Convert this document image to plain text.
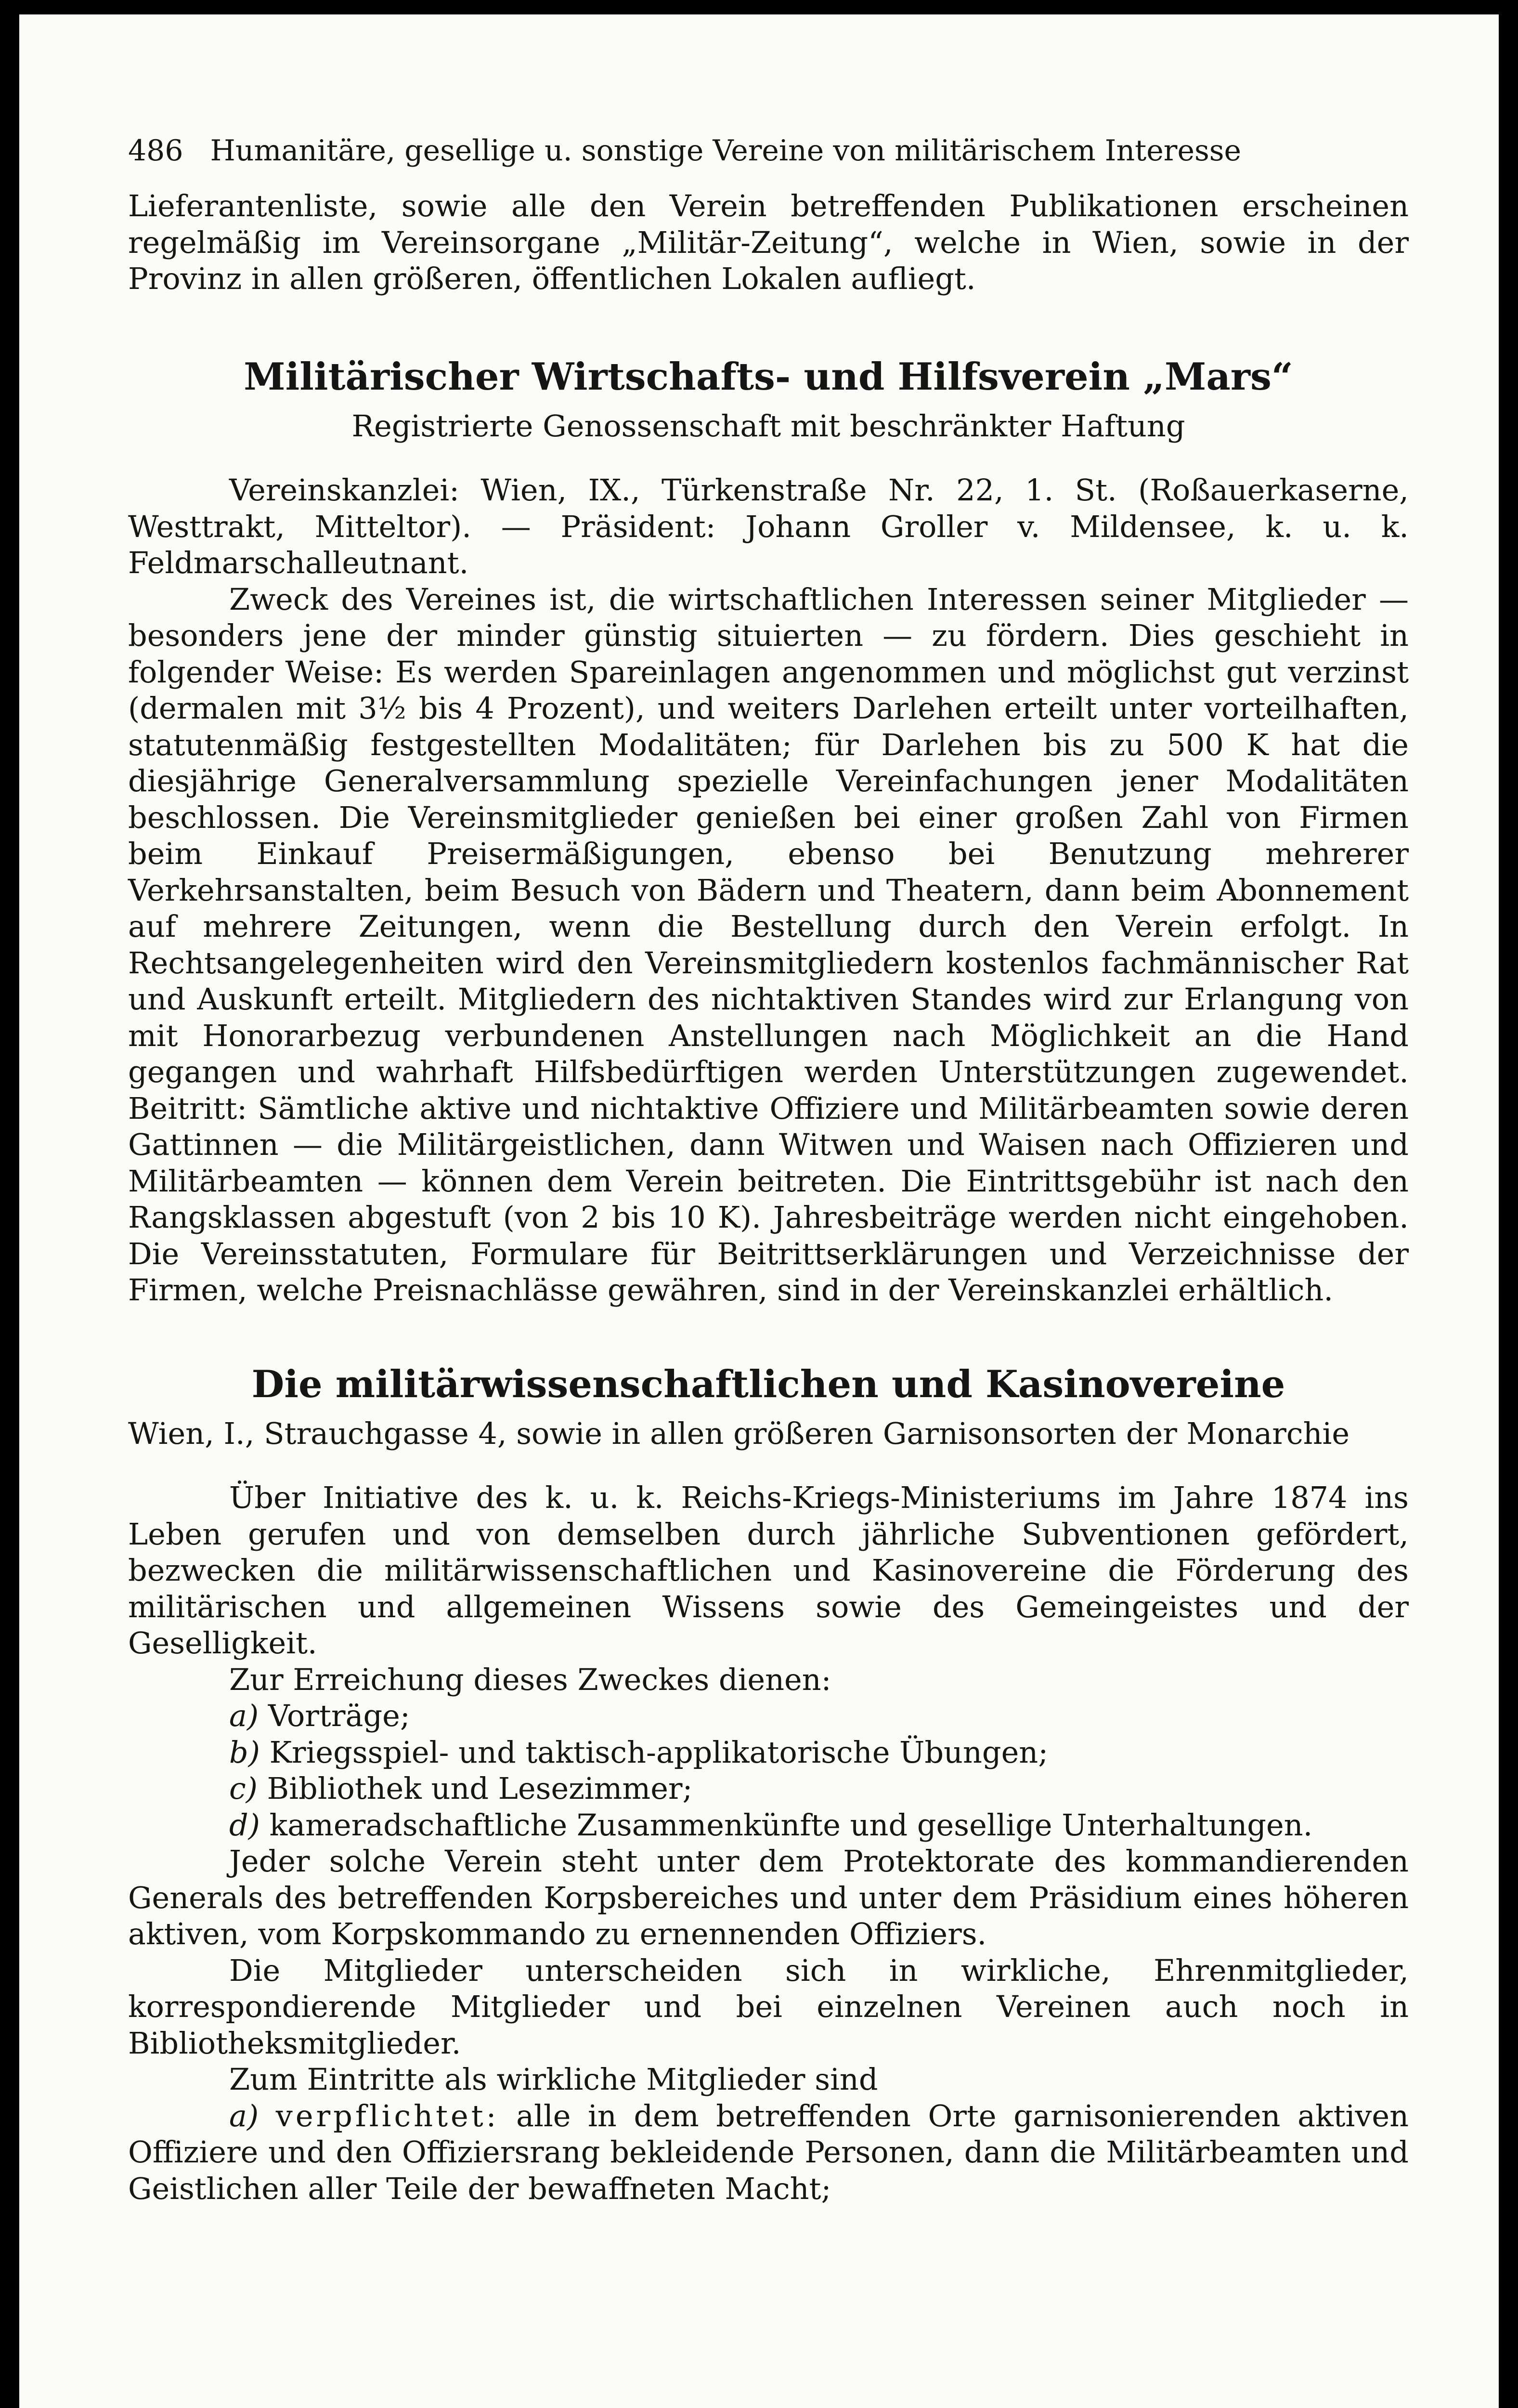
486 Humanitäre, gesellige u. sonstige Vereine von militärischem Interesse

Lieferantenliste, sowie alle den Verein betreffenden Publikationen erscheinen regelmäßig im Vereinsorgane „Militär-Zeitung“, welche in Wien, sowie in der Provinz in allen größeren, öffentlichen Lokalen aufliegt.

Militärischer Wirtschafts- und Hilfsverein „Mars“
Registrierte Genossenschaft mit beschränkter Haftung

Vereinskanzlei: Wien, IX., Türkenstraße Nr. 22, 1. St. (Roßauerkaserne, Westtrakt, Mitteltor). — Präsident: Johann Groller v. Mildensee, k. u. k. Feldmarschalleutnant.

Zweck des Vereines ist, die wirtschaftlichen Interessen seiner Mitglieder — besonders jene der minder günstig situierten — zu fördern. Dies geschieht in folgender Weise: Es werden Spareinlagen angenommen und möglichst gut verzinst (dermalen mit 3½ bis 4 Prozent), und weiters Darlehen erteilt unter vorteilhaften, statutenmäßig festgestellten Modalitäten; für Darlehen bis zu 500 K hat die diesjährige Generalversammlung spezielle Vereinfachungen jener Modalitäten beschlossen. Die Vereinsmitglieder genießen bei einer großen Zahl von Firmen beim Einkauf Preisermäßigungen, ebenso bei Benutzung mehrerer Verkehrsanstalten, beim Besuch von Bädern und Theatern, dann beim Abonnement auf mehrere Zeitungen, wenn die Bestellung durch den Verein erfolgt. In Rechtsangelegenheiten wird den Vereinsmitgliedern kostenlos fachmännischer Rat und Auskunft erteilt. Mitgliedern des nichtaktiven Standes wird zur Erlangung von mit Honorarbezug verbundenen Anstellungen nach Möglichkeit an die Hand gegangen und wahrhaft Hilfsbedürftigen werden Unterstützungen zugewendet. Beitritt: Sämtliche aktive und nichtaktive Offiziere und Militärbeamten sowie deren Gattinnen — die Militärgeistlichen, dann Witwen und Waisen nach Offizieren und Militärbeamten — können dem Verein beitreten. Die Eintrittsgebühr ist nach den Rangsklassen abgestuft (von 2 bis 10 K). Jahresbeiträge werden nicht eingehoben. Die Vereinsstatuten, Formulare für Beitrittserklärungen und Verzeichnisse der Firmen, welche Preisnachlässe gewähren, sind in der Vereinskanzlei erhältlich.

Die militärwissenschaftlichen und Kasinovereine
Wien, I., Strauchgasse 4, sowie in allen größeren Garnisonsorten der Monarchie

Über Initiative des k. u. k. Reichs-Kriegs-Ministeriums im Jahre 1874 ins Leben gerufen und von demselben durch jährliche Subventionen gefördert, bezwecken die militärwissenschaftlichen und Kasinovereine die Förderung des militärischen und allgemeinen Wissens sowie des Gemeingeistes und der Geselligkeit.

Zur Erreichung dieses Zweckes dienen:

a) Vorträge;
b) Kriegsspiel- und taktisch-applikatorische Übungen;
c) Bibliothek und Lesezimmer;
d) kameradschaftliche Zusammenkünfte und gesellige Unterhaltungen.

Jeder solche Verein steht unter dem Protektorate des kommandierenden Generals des betreffenden Korpsbereiches und unter dem Präsidium eines höheren aktiven, vom Korpskommando zu ernennenden Offiziers.

Die Mitglieder unterscheiden sich in wirkliche, Ehrenmitglieder, korrespondierende Mitglieder und bei einzelnen Vereinen auch noch in Bibliotheksmitglieder.

Zum Eintritte als wirkliche Mitglieder sind

a) verpflichtet: alle in dem betreffenden Orte garnisonierenden aktiven Offiziere und den Offiziersrang bekleidende Personen, dann die Militärbeamten und Geistlichen aller Teile der bewaffneten Macht;
